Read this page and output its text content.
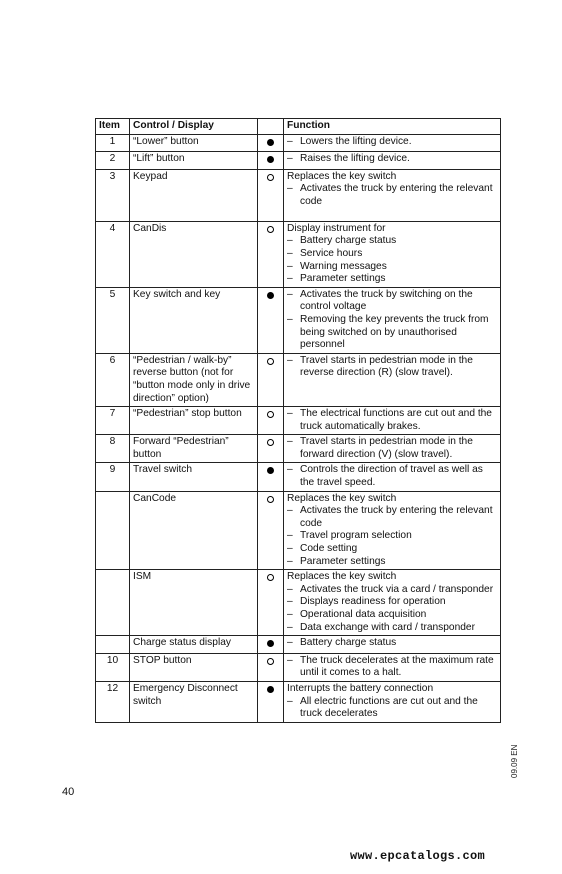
Item	Control / Display		Function
1	“Lower” button		– Lowers the lifting device.

2	“Lift” button		– Raises the lifting device.

3	Keypad		Replaces the key switch
– Activates the truck by entering the relevant code

4	CanDis		Display instrument for
– Battery charge status
– Service hours
– Warning messages
– Parameter settings

5	Key switch and key		– Activates the truck by switching on the control voltage
– Removing the key prevents the truck from being switched on by unauthorised personnel

6	“Pedestrian / walk-by” reverse button (not for “button mode only in drive direction” option)		– Travel starts in pedestrian mode in the reverse direction (R) (slow travel).

7	“Pedestrian” stop button		– The electrical functions are cut out and the truck automatically brakes.

8	Forward “Pedestrian” button		– Travel starts in pedestrian mode in the forward direction (V) (slow travel).

9	Travel switch		– Controls the direction of travel as well as the travel speed.

	CanCode		Replaces the key switch
– Activates the truck by entering the relevant code
– Travel program selection
– Code setting
– Parameter settings

	ISM		Replaces the key switch
– Activates the truck via a card / transponder
– Displays readiness for operation
– Operational data acquisition
– Data exchange with card / transponder

	Charge status display		– Battery charge status

10	STOP button		– The truck decelerates at the maximum rate until it comes to a halt.

12	Emergency Disconnect switch		Interrupts the battery connection
– All electric functions are cut out and the truck decelerates
09.09 EN
40
www.epcatalogs.com
